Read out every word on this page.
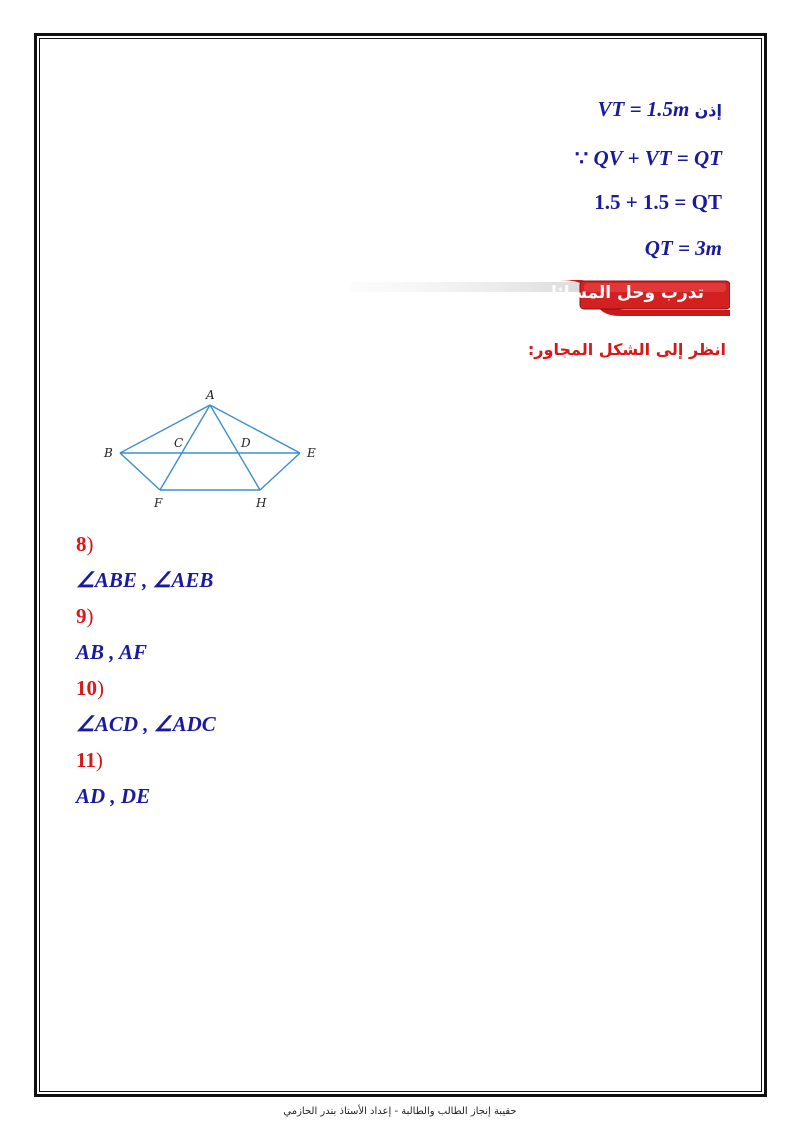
VT = 1.5m إذن
∵ QV + VT = QT
1.5 + 1.5 = QT
QT = 3m
تدرب وحل المسائل
انظر إلى الشكل المجاور:
A
B
C	D
E
F	H
8)
∠ABE , ∠AEB
9)
AB , AF
10)
∠ACD , ∠ADC
11)
AD , DE
حقيبة إنجاز الطالب والطالبة - إعداد الأستاذ بندر الحازمي
